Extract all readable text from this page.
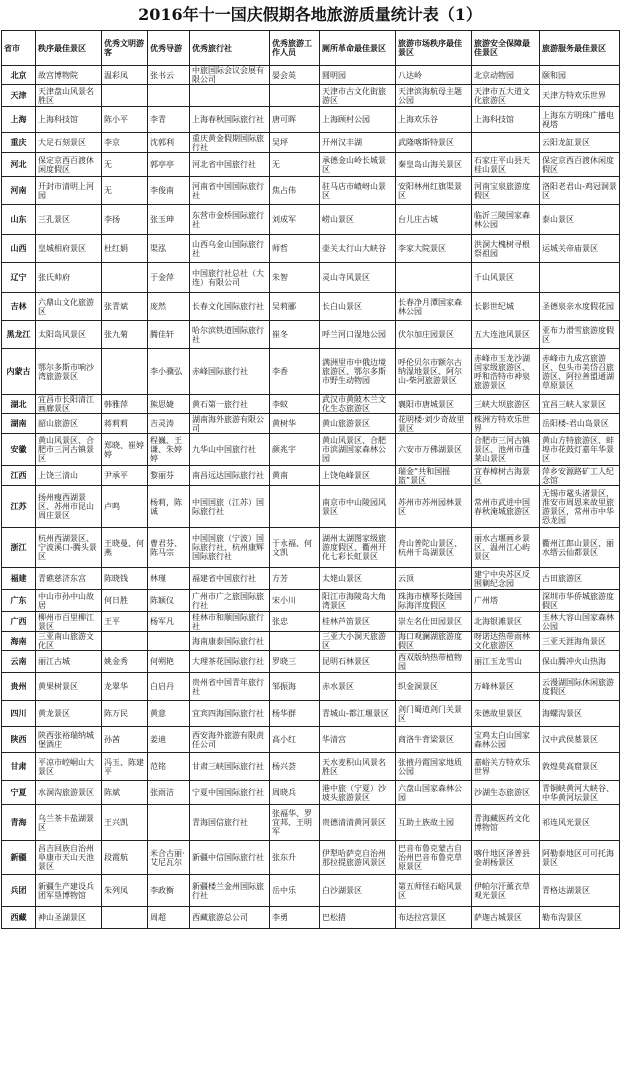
2016年十一国庆假期各地旅游质量统计表（1）
省市	秩序最佳景区	优秀文明游客	优秀导游	优秀旅行社	优秀旅游工作人员	厕所革命最佳景区	旅游市场秩序最佳景区	旅游安全保障最佳景区	旅游服务最佳景区
北京	故宫博物院	温彩凤	张书云	中旅国际会议会展有限公司	晏会英	圆明园	八达岭	北京动物园	颐和园
天津	天津盘山风景名胜区					天津市古文化街旅游区	天津滨海航母主题公园	天津市五大道文化旅游区	天津方特欢乐世界
上海	上海科技馆	陈小平	李青	上海春秋国际旅行社	唐可晖	上海顾村公园	上海欢乐谷	上海科技馆	上海东方明珠广播电视塔
重庆	大足石刻景区	李京	沈郭利	重庆黄金假期国际旅行社	吴坪	开州汉丰湖	武隆喀斯特景区		云阳龙缸景区
河北	保定京西百渡休闲度假区	无	郭亭亭	河北省中国旅行社	无	承德金山岭长城景区	秦皇岛山海关景区	石家庄平山县天桂山景区	保定京西百渡休闲度假区
河南	开封市清明上河园	无	李俊南	河南省中国国际旅行社	焦占伟	驻马店市嵖岈山景区	安阳林州红旗渠景区	河南宝泉旅游度假区	洛阳老君山-鸡冠洞景区
山东	三孔景区	李扬	张玉珅	东营市金桥国际旅行社	刘成军	崂山景区	台儿庄古城	临沂三陵国家森林公园	泰山景区
山西	皇城相府景区	杜红娟	渠泓	山西乌金山国际旅行社	师哲	壶关太行山大峡谷	李家大院景区	洪洞大槐树寻根祭祖园	运城关帝庙景区
辽宁	张氏帅府		于金萍	中国旅行社总社（大连）有限公司	朱智	灵山寺风景区		千山风景区	
吉林	六鼎山文化旅游区	张青斌	庞然	长春文化国际旅行社	吴莉郦	长白山景区	长春净月潭国家森林公园	长影世纪城	圣德泉亲水度假花园
黑龙江	太阳岛风景区	张九菊	腾佳轩	哈尔滨铁道国际旅行社	崔冬	呼兰河口湿地公园	伏尔加庄园景区	五大连池风景区	亚布力滑雪旅游度假区
内蒙古	鄂尔多斯市响沙湾旅游景区		李小骥弘	赤峰国际旅行社	李香	满洲里市中俄边境旅游区、鄂尔多斯市野生动物园	呼伦贝尔市额尔古纳湿地景区、阿尔山-柴河旅游景区	赤峰市玉龙沙湖国家级旅游区、呼和浩特市神泉旅游景区	赤峰市九成宫旅游区、包头市美岱召旅游区、阿拉善盟通湖草原景区
湖北	宜昌市长阳清江画廊景区	韩雅萍	熊思婕	黄石第一旅行社	李蚊	武汉市黄陂木兰文化生态旅游区	襄阳市唐城景区	三峡大坝旅游区	宜昌三峡人家景区
湖南	韶山旅游区	蒋莉莉	吉灵涛	湖南海外旅游有限公司	黄树华	黄山旅游景区	花明楼·刘少奇故里景区	株洲方特欢乐世界	岳阳楼-君山岛景区
安徽	黄山风景区、合肥市三河古镇景区	郑晓、崔婷婷	程巍、王谦、朱婷婷	九华山中国旅行社	颜兆宇	黄山风景区、合肥市滨湖国家森林公园	六安市万佛湖景区	合肥市三河古镇景区、池州市蓬莱山景区	黄山方特旅游区、蚌埠市花鼓灯嘉年华景区
江西	上饶三清山	尹承平	黎丽芬	南昌远达国际旅行社	黄南	上饶龟峰景区	瑞金“共和国摇篮”景区	宜春樟树古海景区	萍乡安源路矿工人纪念馆
江苏	扬州瘦西湖景区、苏州市昆山周庄景区	卢鸣	杨莉，陈诚	中国国旅（江苏）国际旅行社		南京市中山陵园风景区	苏州市苏州园林景区	常州市武进中国春秋淹城旅游区	无锡市鼋头渚景区，淮安市周恩来故里旅游景区，常州市中华恐龙园
浙江	杭州西湖景区、宁波溪口-腾头景区	王晓曼、何燕	曹君芬、陈马宗	中国国旅（宁波）国际旅行社、杭州康辉国际旅行社	于永福、何文凯	湖州太湖图家级旅游度假区、衢州开化七彩长虹景区	舟山普陀山景区、杭州千岛湖景区	丽水古堰画乡景区、温州江心屿景区	衢州江郎山景区、丽水缙云仙都景区
福建	青礁慈济东宫	陈晓钱	林瑾	福建省中国旅行社	方芳	太姥山景区	云顶	建宁中央苏区反围剿纪念园	古田旅游区
广东	中山市孙中山故居	何日胜	陈颖仪	广州市广之旅国际旅行社	宋小川	阳江市海陵岛大角湾景区	珠海市横琴长隆国际海洋度假区	广州塔	深圳市华侨城旅游度假区
广西	柳州市百里柳江景区	王平	杨军凡	桂林市和顺国际旅行社	张忠	桂林芦笛景区	崇左名仕田园景区	北海银滩景区	玉林大容山国家森林公园
海南	三亚南山旅游文化区			海南康泰国际旅行社		三亚大小洞天旅游区	海口观澜湖旅游度假区	呀诺达热带雨林文化旅游区	三亚天涯海角景区
云南	丽江古城	姚金秀	何朔艳	大理茶花国际旅行社	罗晓三	昆明石林景区	西双版纳热带植物园	丽江玉龙雪山	保山腾冲火山热海
贵州	黄果树景区	龙翠华	白启丹	贵州省中国青年旅行社	邹振海	赤水景区	织金洞景区	万峰林景区	云漫湖国际休闲旅游度假区
四川	黄龙景区	陈万民	黄意	宜宾四海国际旅行社	杨华群	青城山-都江堰景区	剑门蜀道剑门关景区	朱德故里景区	海螺沟景区
陕西	陕西张裕瑞纳城堡酒庄	孙茜	姜迪	西安海外旅游有限责任公司	高小红	华清宫	商洛牛背梁景区	宝鸡太白山国家森林公园	汉中武侯墓景区
甘肃	平凉市崆峒山大景区	冯玉、陈建平	范铭	甘肃三峡国际旅行社	杨兴荟	天水麦积山风景名胜区	张掖丹霞国家地质公园	嘉峪关方特欢乐世界	敦煌莫高窟景区
宁夏	水洞沟旅游景区	陈斌	张雨洁	宁夏中国国际旅行社	周晓兵	港中旅（宁夏）沙坡头旅游景区	六盘山国家森林公园	沙湖生态旅游区	青铜峡黄河大峡谷、中华黄河坛景区
青海	乌兰茶卡盐湖景区	王兴凯		青海国信旅行社	张福华、罗宜邦、王明军	贵德清清黄河景区	互助土族故土园	青海藏医药文化博物馆	祁连风光景区
新疆	昌吉回族自治州阜康市天山天池景区	段霞航	米合古丽·艾尼瓦尔	新疆中信国际旅行社	张东升	伊犁哈萨克自治州那拉提旅游风景区	巴音布鲁克蒙古自治州巴音布鲁克草原景区	喀什地区泽普县金胡杨景区	阿勒泰地区可可托海景区
兵团	新疆生产建设兵团军垦博物馆	朱列凤	李政衡	新疆楼兰金州国际旅行社	岳中乐	白沙湖景区	第五师怪石峪风景区	伊帕尔汗薰衣草观光景区	青格达湖景区
西藏	神山圣湖景区		周超	西藏旅游总公司	李勇	巴松措	布达拉宫景区	萨迦古城景区	勒布沟景区
